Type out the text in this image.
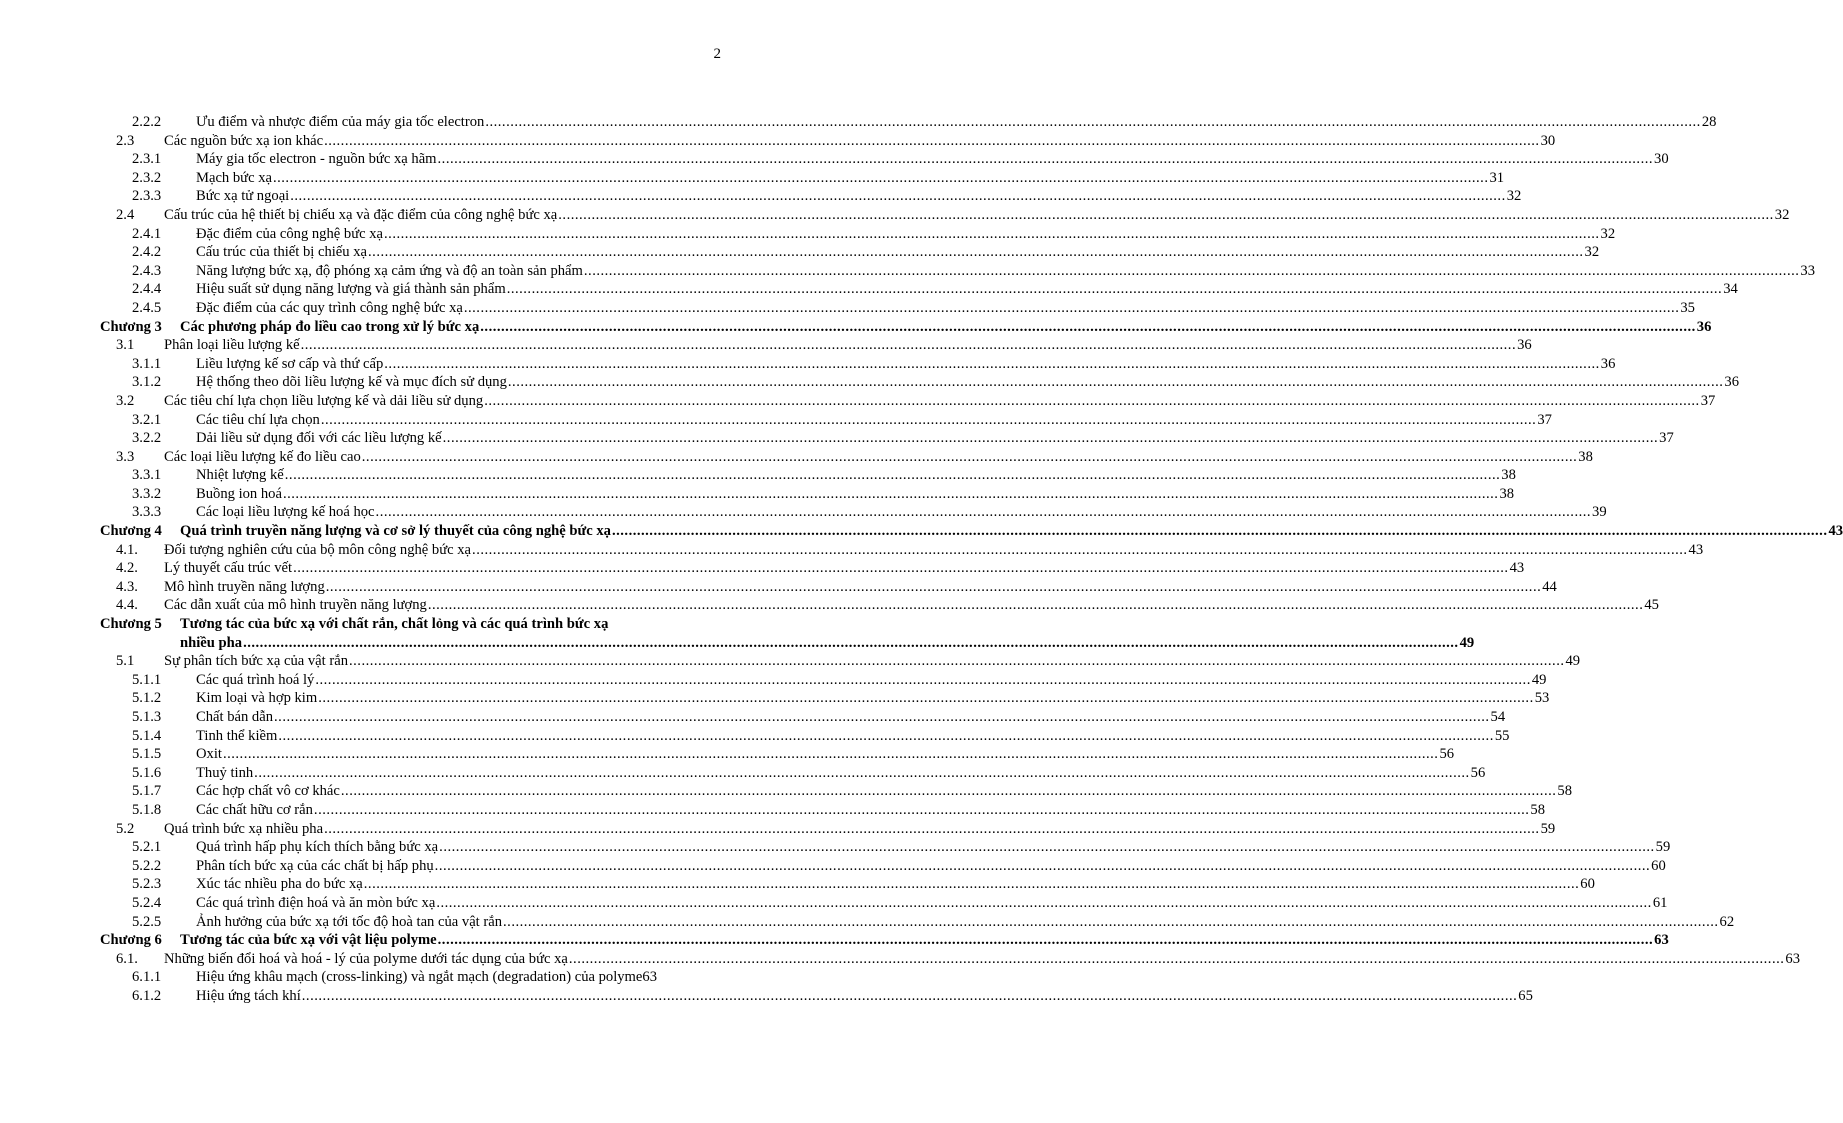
2
2.2.2	Ưu điểm và nhược điểm của máy gia tốc electron .....	28
2.3	Các nguồn bức xạ ion khác .....	30
2.3.1	Máy gia tốc electron - nguồn bức xạ hãm .....	30
2.3.2	Mạch bức xạ .....	31
2.3.3	Bức xạ tử ngoại .....	32
2.4	Cấu trúc của hệ thiết bị chiếu xạ và đặc điểm của công nghệ bức xạ .....	32
2.4.1	Đặc điểm của công nghệ bức xạ .....	32
2.4.2	Cấu trúc của thiết bị chiếu xạ .....	32
2.4.3	Năng lượng bức xạ, độ phóng xạ cảm ứng và độ an toàn sản phẩm .....	33
2.4.4	Hiệu suất sử dụng năng lượng và giá thành sản phẩm .....	34
2.4.5	Đặc điểm của các quy trình công nghệ bức xạ .....	35
Chương 3	Các phương pháp đo liều cao trong xử lý bức xạ .....	36
3.1	Phân loại liều lượng kế .....	36
3.1.1	Liều lượng kế sơ cấp và thứ cấp .....	36
3.1.2	Hệ thống theo dõi liều lượng kế và mục đích sử dụng .....	36
3.2	Các tiêu chí lựa chọn liều lượng kế và dải liều sử dụng .....	37
3.2.1	Các tiêu chí lựa chọn .....	37
3.2.2	Dải liều sử dụng đối với các liều lượng kế .....	37
3.3	Các loại liều lượng kế đo liều cao .....	38
3.3.1	Nhiệt lượng kế .....	38
3.3.2	Buồng ion hoá .....	38
3.3.3	Các loại liều lượng kế hoá học .....	39
Chương 4	Quá trình truyền năng lượng và cơ sở lý thuyết của công nghệ bức xạ .....	43
4.1.	Đối tượng nghiên cứu của bộ môn công nghệ bức xạ .....	43
4.2.	Lý thuyết cấu trúc vết .....	43
4.3.	Mô hình truyền năng lượng .....	44
4.4.	Các dẫn xuất của mô hình truyền năng lượng .....	45
Chương 5	Tương tác của bức xạ với chất rắn, chất lỏng và các quá trình bức xạ
nhiều pha .....	49
5.1	Sự phân tích bức xạ của vật rắn .....	49
5.1.1	Các quá trình hoá lý .....	49
5.1.2	Kim loại và hợp kim .....	53
5.1.3	Chất bán dẫn .....	54
5.1.4	Tinh thể kiềm .....	55
5.1.5	Oxit .....	56
5.1.6	Thuỷ tinh .....	56
5.1.7	Các hợp chất vô cơ khác .....	58
5.1.8	Các chất hữu cơ rắn .....	58
5.2	Quá trình bức xạ nhiều pha .....	59
5.2.1	Quá trình hấp phụ kích thích bằng bức xạ .....	59
5.2.2	Phân tích bức xạ của các chất bị hấp phụ .....	60
5.2.3	Xúc tác nhiều pha do bức xạ .....	60
5.2.4	Các quá trình điện hoá và ăn mòn bức xạ .....	61
5.2.5	Ảnh hưởng của bức xạ tới tốc độ hoà tan của vật rắn .....	62
Chương 6	Tương tác của bức xạ với vật liệu polyme .....	63
6.1.	Những biến đổi hoá và hoá - lý của polyme dưới tác dụng của bức xạ .....	63
6.1.1	Hiệu ứng khâu mạch (cross-linking) và ngắt mạch (degradation) của polyme 63
6.1.2	Hiệu ứng tách khí .....	65
